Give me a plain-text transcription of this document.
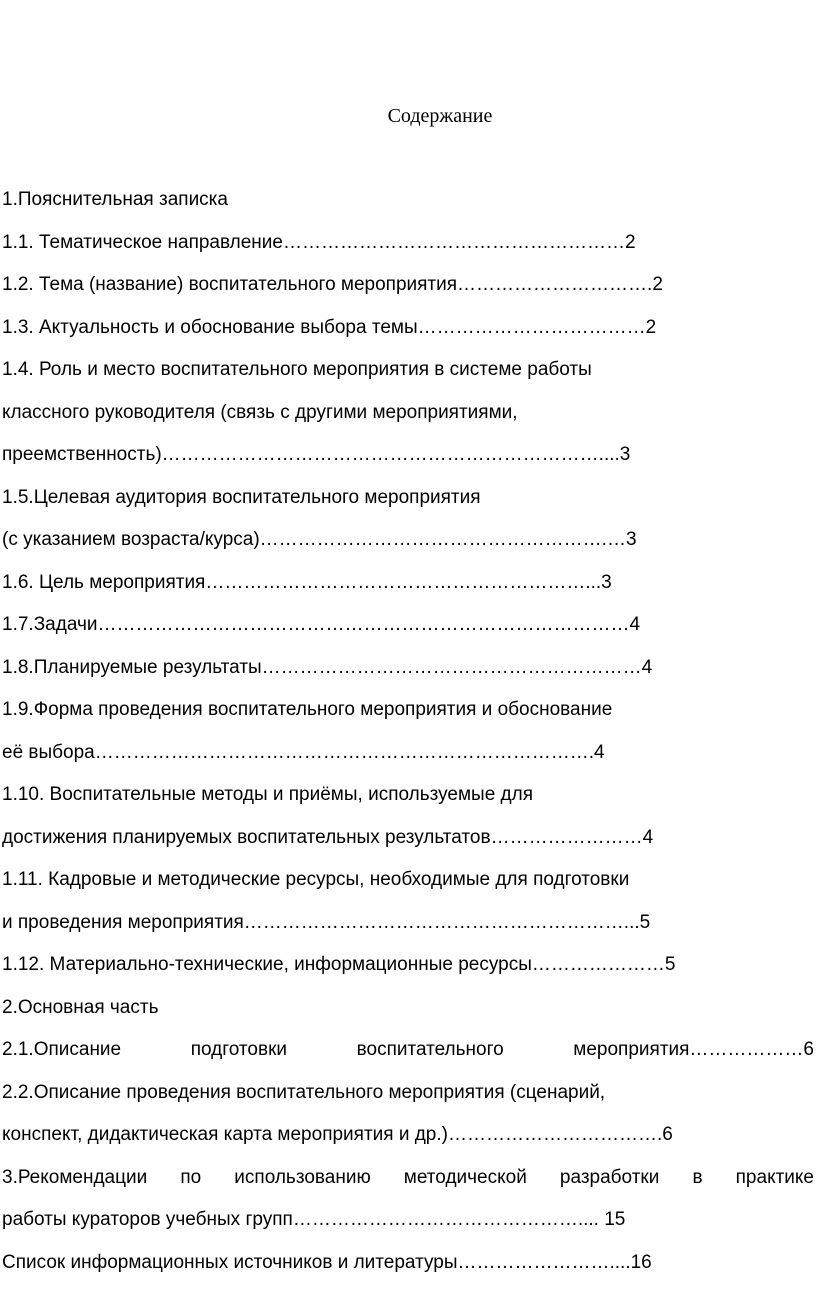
Содержание
1.Пояснительная записка
1.1. Тематическое направление………………………………………………2
1.2. Тема (название) воспитательного мероприятия………………………….2
1.3. Актуальность и обоснование выбора темы………………………………2
1.4. Роль и место воспитательного мероприятия в системе работы
классного руководителя (связь с другими мероприятиями,
преемственность)……………………………………………………………....3
1.5.Целевая аудитория воспитательного мероприятия
(с указанием возраста/курса)……………………………………………….…3
1.6. Цель мероприятия……………………………………………………...3
1.7.Задачи…………………………………………………………………………4
1.8.Планируемые результаты……………………………………………………4
1.9.Форма проведения воспитательного мероприятия и обоснование
её выбора…………………………………………………………………….4
1.10. Воспитательные методы и приёмы, используемые для
достижения планируемых воспитательных результатов……………………4
1.11. Кадровые и методические ресурсы, необходимые для подготовки
и проведения мероприятия……………………………………………………...5
1.12. Материально-технические, информационные ресурсы…………………5
2.Основная часть
2.1.Описание подготовки воспитательного мероприятия………………6
2.2.Описание проведения воспитательного мероприятия (сценарий,
конспект, дидактическая карта мероприятия и др.)…………………………….6
3.Рекомендации по использованию методической разработки в практике
работы кураторов учебных групп……………………………………….... 15
Список информационных источников и литературы……………………....16
